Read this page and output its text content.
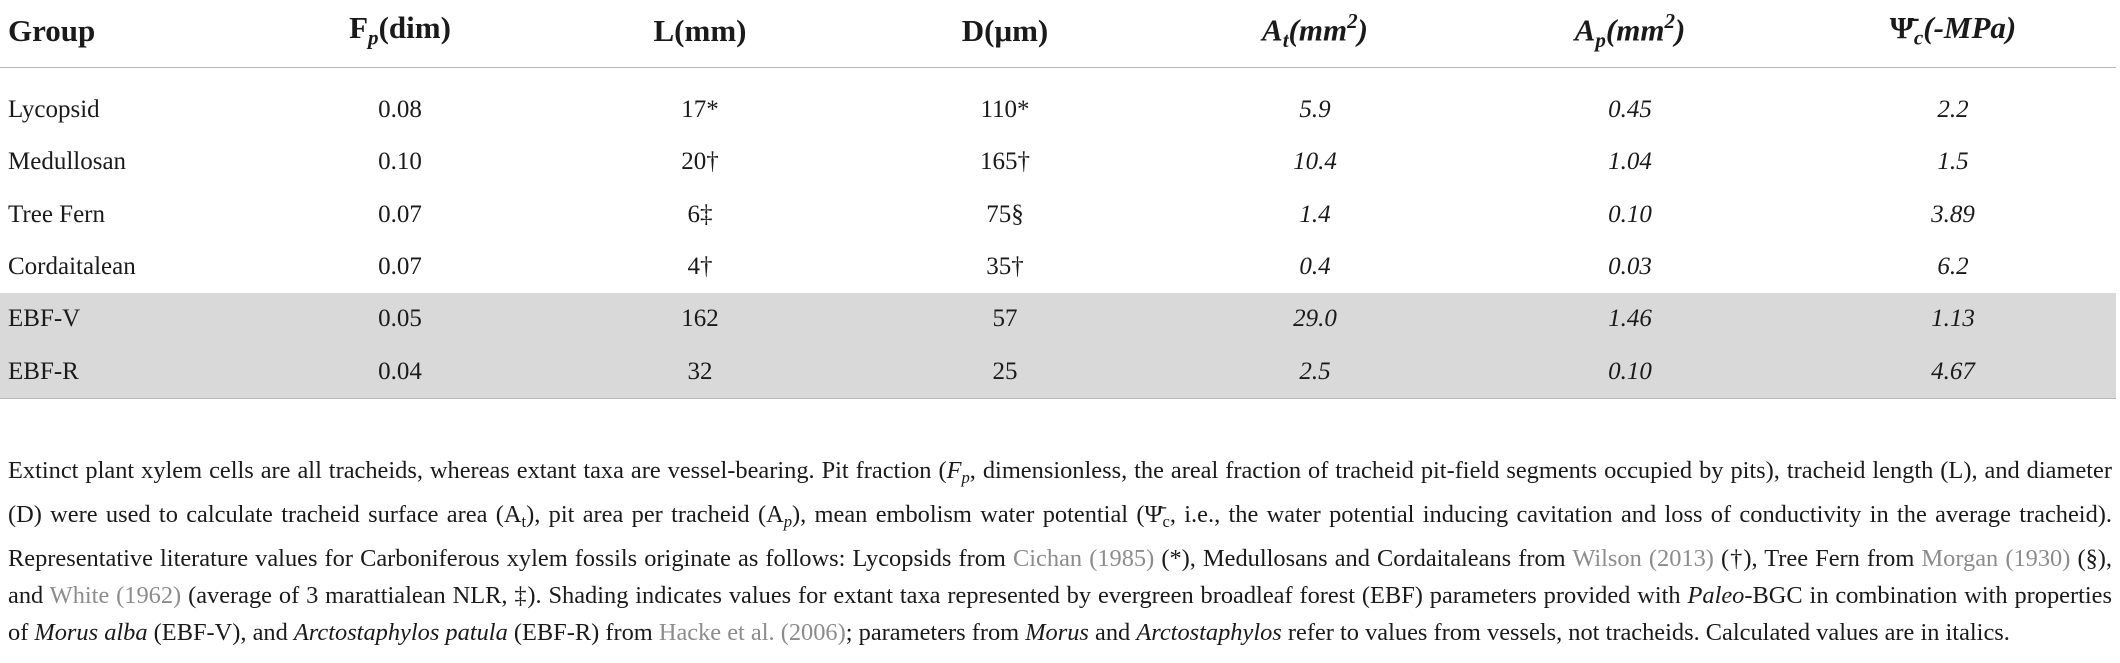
Group	$F_p(dim)$	L(mm)	D(μm)	$A_t(mm^2)$	$A_p(mm^2)$	$\Psī_c(-MPa)$

Lycopsid	0.08	17*	110*	5.9	0.45	2.2
Medullosan	0.10	20†	165†	10.4	1.04	1.5
Tree Fern	0.07	6‡	75§	1.4	0.10	3.89
Cordaitalean	0.07	4†	35†	0.4	0.03	6.2
EBF-V	0.05	162	57	29.0	1.46	1.13
EBF-R	0.04	32	25	2.5	0.10	4.67

Extinct plant xylem cells are all tracheids, whereas extant taxa are vessel-bearing. Pit fraction ($F_p$, dimensionless, the areal fraction of tracheid pit-field segments occupied by pits), tracheid length (L), and diameter (D) were used to calculate tracheid surface area $(A_t)$, pit area per tracheid $(A_p)$, mean embolism water potential ($\Psī_c$, i.e., the water potential inducing cavitation and loss of conductivity in the average tracheid). Representative literature values for Carboniferous xylem fossils originate as follows: Lycopsids from Cichan (1985) (*), Medullosans and Cordaitaleans from Wilson (2013) (†), Tree Fern from Morgan (1930) (§), and White (1962) (average of 3 marattialean NLR, ‡). Shading indicates values for extant taxa represented by evergreen broadleaf forest (EBF) parameters provided with Paleo-BGC in combination with properties of Morus alba (EBF-V), and Arctostaphylos patula (EBF-R) from Hacke et al. (2006); parameters from Morus and Arctostaphylos refer to values from vessels, not tracheids. Calculated values are in italics.
